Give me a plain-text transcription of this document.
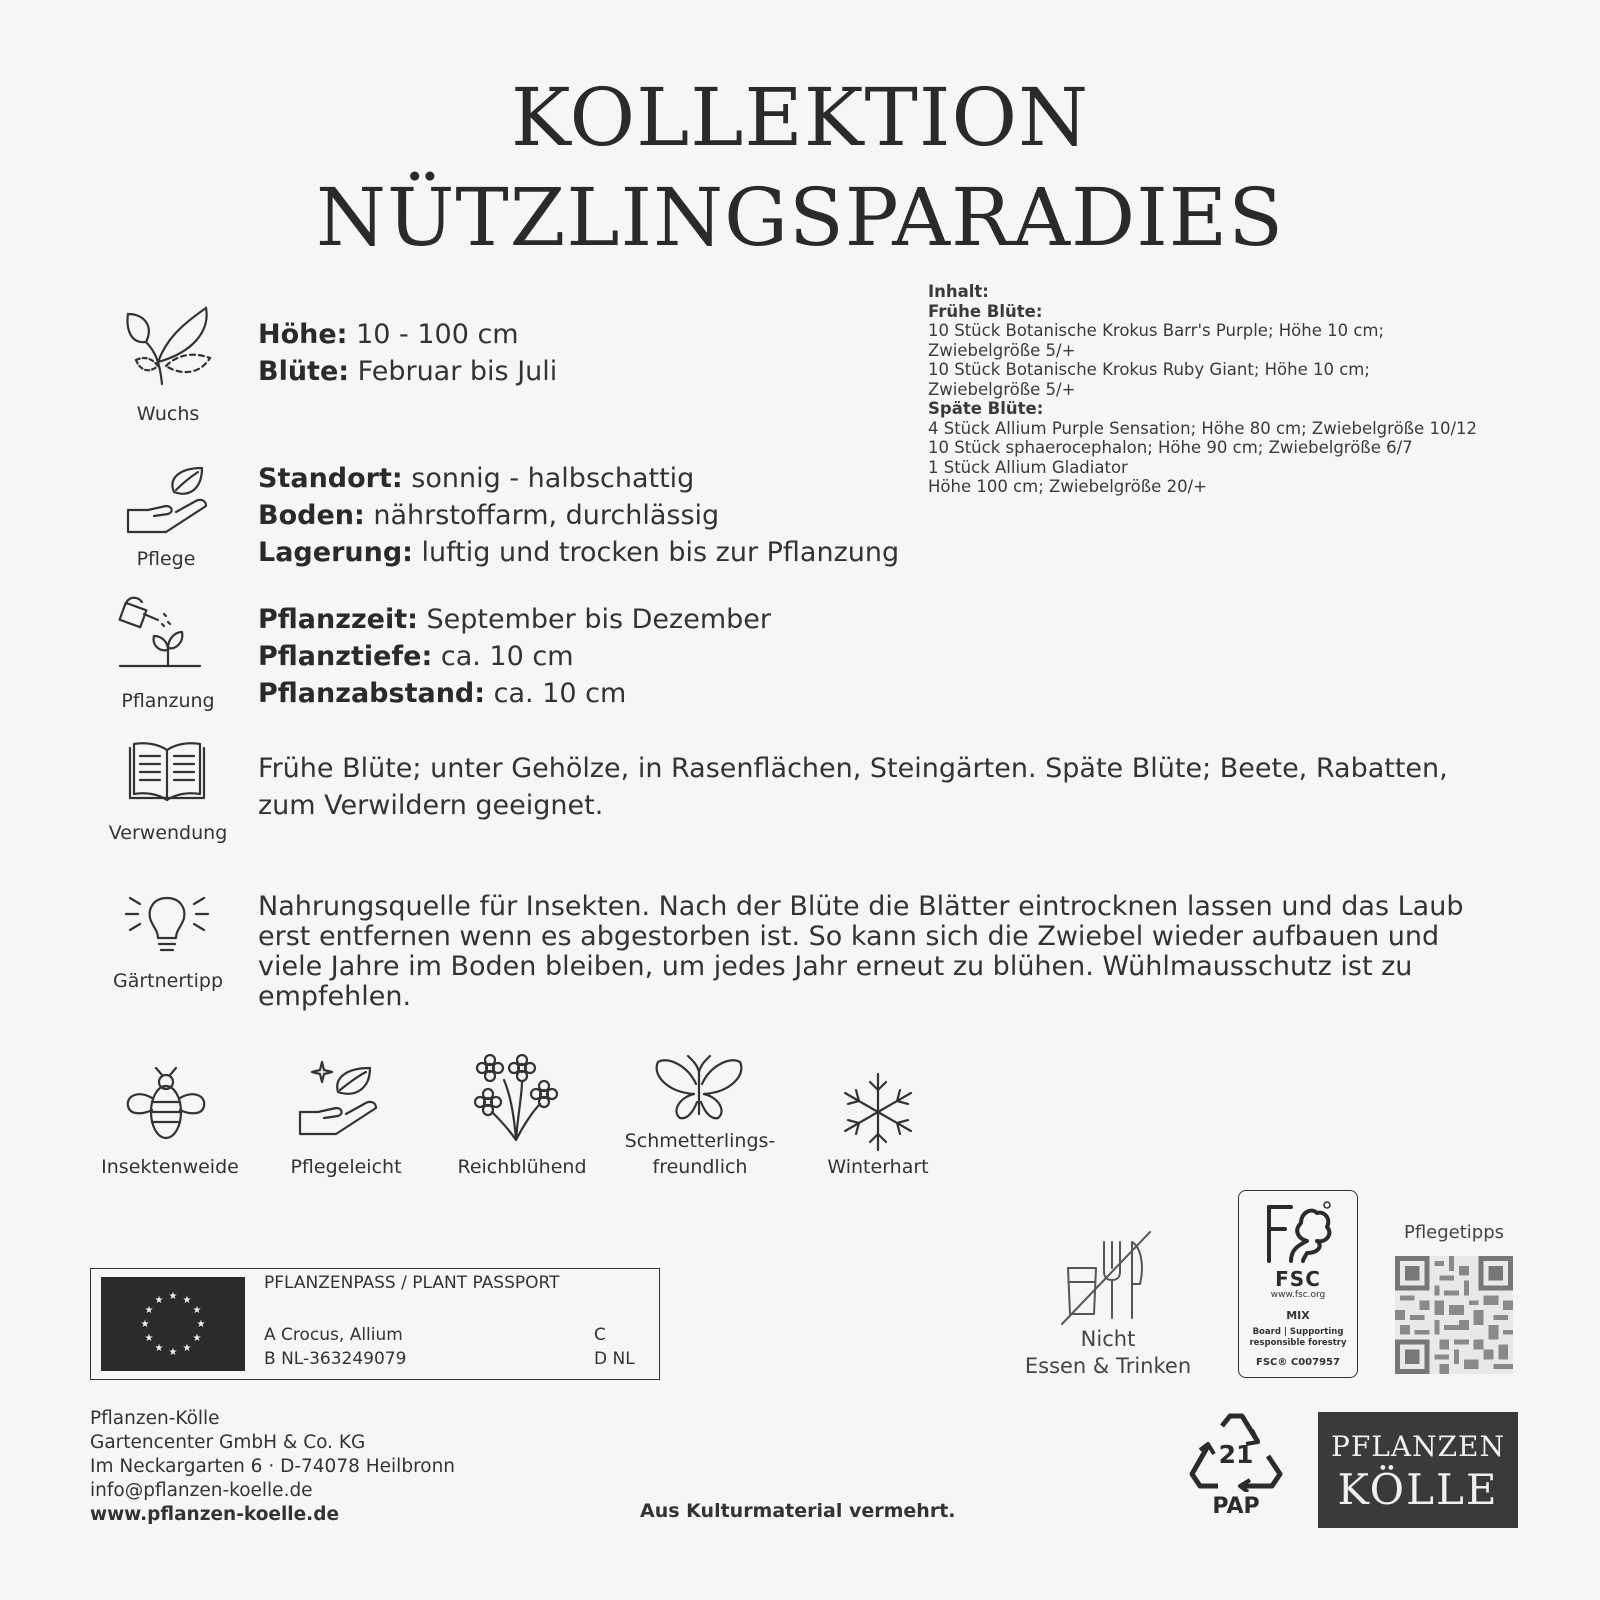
KOLLEKTION
NÜTZLINGSPARADIES
Inhalt:
Frühe Blüte:
10 Stück Botanische Krokus Barr's Purple; Höhe 10 cm;
Zwiebelgröße 5/+
10 Stück Botanische Krokus Ruby Giant; Höhe 10 cm;
Zwiebelgröße 5/+
Späte Blüte:
4 Stück Allium Purple Sensation; Höhe 80 cm; Zwiebelgröße 10/12
10 Stück sphaerocephalon; Höhe 90 cm; Zwiebelgröße 6/7
1 Stück Allium Gladiator
Höhe 100 cm; Zwiebelgröße 20/+
Wuchs
Höhe: 10 - 100 cm
Blüte: Februar bis Juli
Pflege
Standort: sonnig - halbschattig
Boden: nährstoffarm, durchlässig
Lagerung: luftig und trocken bis zur Pflanzung
Pflanzung
Pflanzzeit: September bis Dezember
Pflanztiefe: ca. 10 cm
Pflanzabstand: ca. 10 cm
Verwendung
Frühe Blüte; unter Gehölze, in Rasenflächen, Steingärten. Späte Blüte; Beete, Rabatten,
zum Verwildern geeignet.
Gärtnertipp
Nahrungsquelle für Insekten. Nach der Blüte die Blätter eintrocknen lassen und das Laub
erst entfernen wenn es abgestorben ist. So kann sich die Zwiebel wieder aufbauen und
viele Jahre im Boden bleiben, um jedes Jahr erneut zu blühen. Wühlmausschutz ist zu
empfehlen.
Insektenweide	Pflegeleicht	Reichblühend
Schmetterlings-
freundlich	Winterhart
★ ★
★
★
★
★
★
★
★
★
★
★
PFLANZENPASS / PLANT PASSPORT
A Crocus, Allium
B NL-363249079
C
D NL
Nicht
Essen & Trinken
FSC
www.fsc.org
MIX
Board | Supporting
responsible forestry
FSC® C007957
Pflegetipps
Pflanzen-Kölle
Gartencenter GmbH & Co. KG
Im Neckargarten 6 · D-74078 Heilbronn
info@pflanzen-koelle.de
www.pflanzen-koelle.de	Aus Kulturmaterial vermehrt.
21
PAP
PFLANZEN
KÖLLE
